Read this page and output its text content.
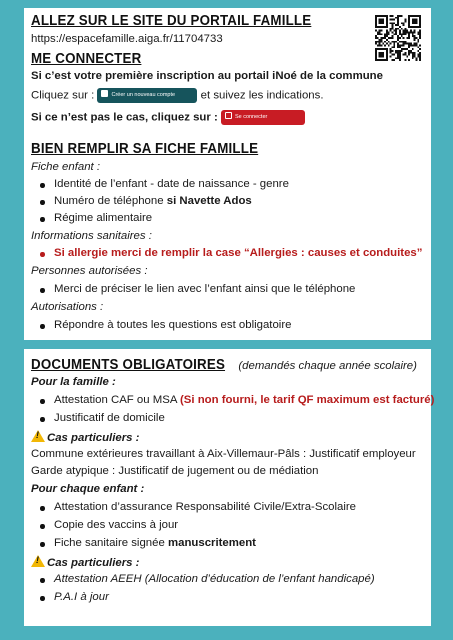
ALLEZ SUR LE SITE DU PORTAIL FAMILLE
https://espacefamille.aiga.fr/11704733
ME CONNECTER
Si c’est votre première inscription au portail iNoé de la commune
Cliquez sur :	Créer un nouveau compte et suivez les indications.
Si ce n’est pas le cas, cliquez sur :	Se connecter
BIEN REMPLIR SA FICHE FAMILLE
Fiche enfant :
Identité de l’enfant - date de naissance - genre
Numéro de téléphone si Navette Ados
Régime alimentaire
Informations sanitaires :
Si allergie merci de remplir la case “Allergies : causes et conduites”
Personnes autorisées :
Merci de préciser le lien avec l’enfant ainsi que le téléphone
Autorisations :
Répondre à toutes les questions est obligatoire
DOCUMENTS OBLIGATOIRES (demandés chaque année scolaire)
Pour la famille :
Attestation CAF ou MSA (Si non fourni, le tarif QF maximum est facturé)
Justificatif de domicile
!Cas particuliers :
Commune extérieures travaillant à Aix-Villemaur-Pâls : Justificatif employeur
Garde atypique : Justificatif de jugement ou de médiation
Pour chaque enfant :
Attestation d’assurance Responsabilité Civile/Extra-Scolaire
Copie des vaccins à jour
Fiche sanitaire signée manuscritement
!Cas particuliers :
Attestation AEEH (Allocation d’éducation de l’enfant handicapé)
P.A.I à jour
